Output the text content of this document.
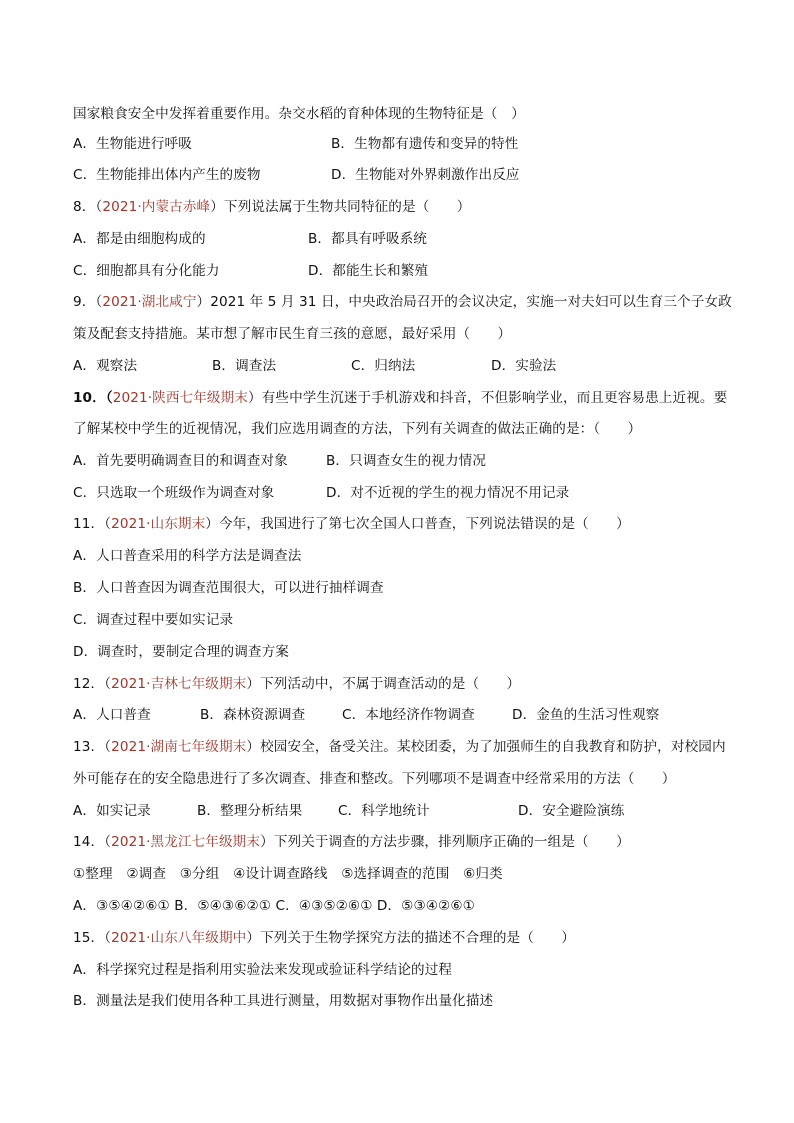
国家粮食安全中发挥着重要作用。杂交水稻的育种体现的生物特征是（　）
A．生物能进行呼吸	B．生物都有遗传和变异的特性
C．生物能排出体内产生的废物	D．生物能对外界刺激作出反应
8．（2021·内蒙古赤峰）下列说法属于生物共同特征的是（　　）
A．都是由细胞构成的	B．都具有呼吸系统
C．细胞都具有分化能力	D．都能生长和繁殖
9．（2021·湖北咸宁）2021 年 5 月 31 日，中央政治局召开的会议决定，实施一对夫妇可以生育三个子女政
策及配套支持措施。某市想了解市民生育三孩的意愿，最好采用（　　）
A．观察法	B．调查法	C．归纳法	D．实验法
10．（2021·陕西七年级期末）有些中学生沉迷于手机游戏和抖音，不但影响学业，而且更容易患上近视。要
了解某校中学生的近视情况，我们应选用调查的方法，下列有关调查的做法正确的是：（　　）
A．首先要明确调查目的和调查对象	B．只调查女生的视力情况
C．只选取一个班级作为调查对象	D．对不近视的学生的视力情况不用记录
11．（2021·山东期末）今年，我国进行了第七次全国人口普查，下列说法错误的是（　　）
A．人口普查采用的科学方法是调查法
B．人口普查因为调查范围很大，可以进行抽样调查
C．调查过程中要如实记录
D．调查时，要制定合理的调查方案
12．（2021·吉林七年级期末）下列活动中，不属于调查活动的是（　　）
A．人口普查	B．森林资源调查	C．本地经济作物调查	D．金鱼的生活习性观察
13．（2021·湖南七年级期末）校园安全，备受关注。某校团委，为了加强师生的自我教育和防护，对校园内
外可能存在的安全隐患进行了多次调查、排查和整改。下列哪项不是调查中经常采用的方法（　　）
A．如实记录	B．整理分析结果	C．科学地统计	D．安全避险演练
14．（2021·黑龙江七年级期末）下列关于调查的方法步骤，排列顺序正确的一组是（　　）
①整理　②调查　③分组　④设计调查路线　⑤选择调查的范围　⑥归类
A．③⑤④②⑥① B．⑤④③⑥②① C．④③⑤②⑥① D．⑤③④②⑥①
15．（2021·山东八年级期中）下列关于生物学探究方法的描述不合理的是（　　）
A．科学探究过程是指利用实验法来发现或验证科学结论的过程
B．测量法是我们使用各种工具进行测量，用数据对事物作出量化描述
